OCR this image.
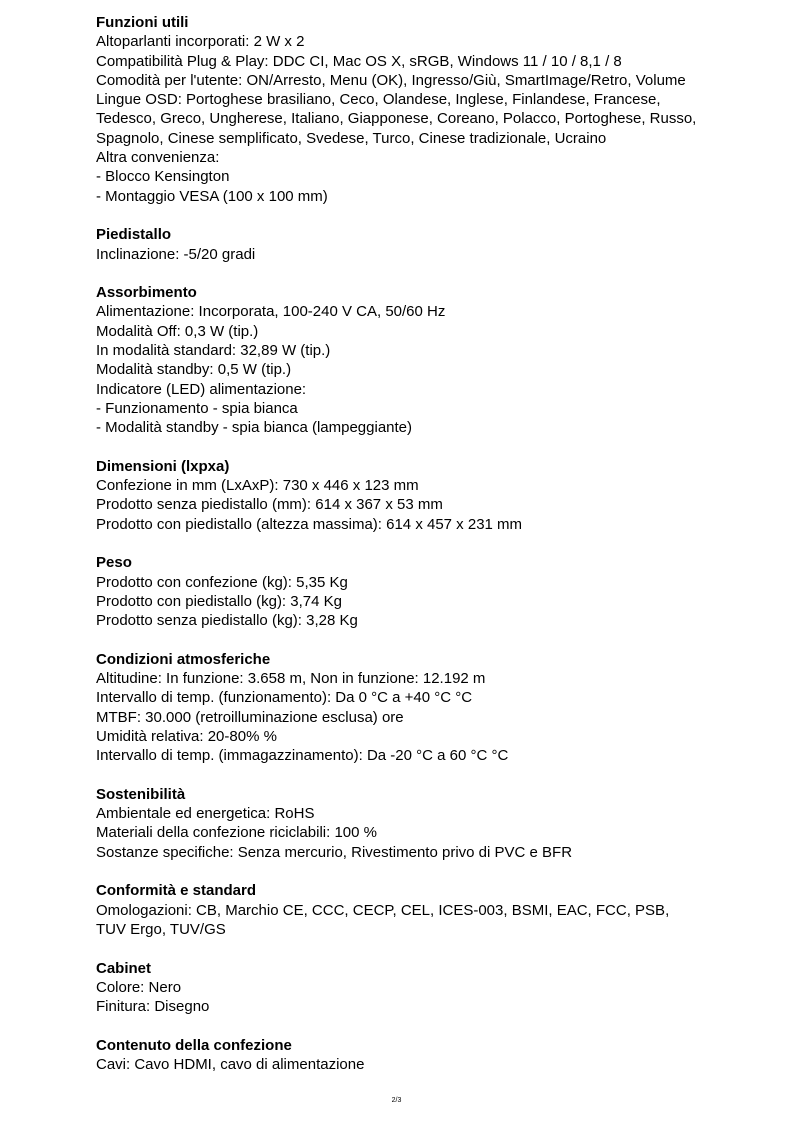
Funzioni utili
Altoparlanti incorporati: 2 W x 2
Compatibilità Plug & Play: DDC CI, Mac OS X, sRGB, Windows 11 / 10 / 8,1 / 8
Comodità per l'utente: ON/Arresto, Menu (OK), Ingresso/Giù, SmartImage/Retro, Volume
Lingue OSD: Portoghese brasiliano, Ceco, Olandese, Inglese, Finlandese, Francese,
Tedesco, Greco, Ungherese, Italiano, Giapponese, Coreano, Polacco, Portoghese, Russo,
Spagnolo, Cinese semplificato, Svedese, Turco, Cinese tradizionale, Ucraino
Altra convenienza:
- Blocco Kensington
- Montaggio VESA (100 x 100 mm)
Piedistallo
Inclinazione: -5/20 gradi
Assorbimento
Alimentazione: Incorporata, 100-240 V CA, 50/60 Hz
Modalità Off: 0,3 W (tip.)
In modalità standard: 32,89 W (tip.)
Modalità standby: 0,5 W (tip.)
Indicatore (LED) alimentazione:
- Funzionamento - spia bianca
- Modalità standby - spia bianca (lampeggiante)
Dimensioni (lxpxa)
Confezione in mm (LxAxP): 730 x 446 x 123 mm
Prodotto senza piedistallo (mm): 614 x 367 x 53 mm
Prodotto con piedistallo (altezza massima): 614 x 457 x 231 mm
Peso
Prodotto con confezione (kg): 5,35 Kg
Prodotto con piedistallo (kg): 3,74 Kg
Prodotto senza piedistallo (kg): 3,28 Kg
Condizioni atmosferiche
Altitudine: In funzione: 3.658 m, Non in funzione: 12.192 m
Intervallo di temp. (funzionamento): Da 0 °C a +40 °C °C
MTBF: 30.000 (retroilluminazione esclusa) ore
Umidità relativa: 20-80% %
Intervallo di temp. (immagazzinamento): Da -20 °C a 60 °C °C
Sostenibilità
Ambientale ed energetica: RoHS
Materiali della confezione riciclabili: 100 %
Sostanze specifiche: Senza mercurio, Rivestimento privo di PVC e BFR
Conformità e standard
Omologazioni: CB, Marchio CE, CCC, CECP, CEL, ICES-003, BSMI, EAC, FCC, PSB,
TUV Ergo, TUV/GS
Cabinet
Colore: Nero
Finitura: Disegno
Contenuto della confezione
Cavi: Cavo HDMI, cavo di alimentazione
2/3
